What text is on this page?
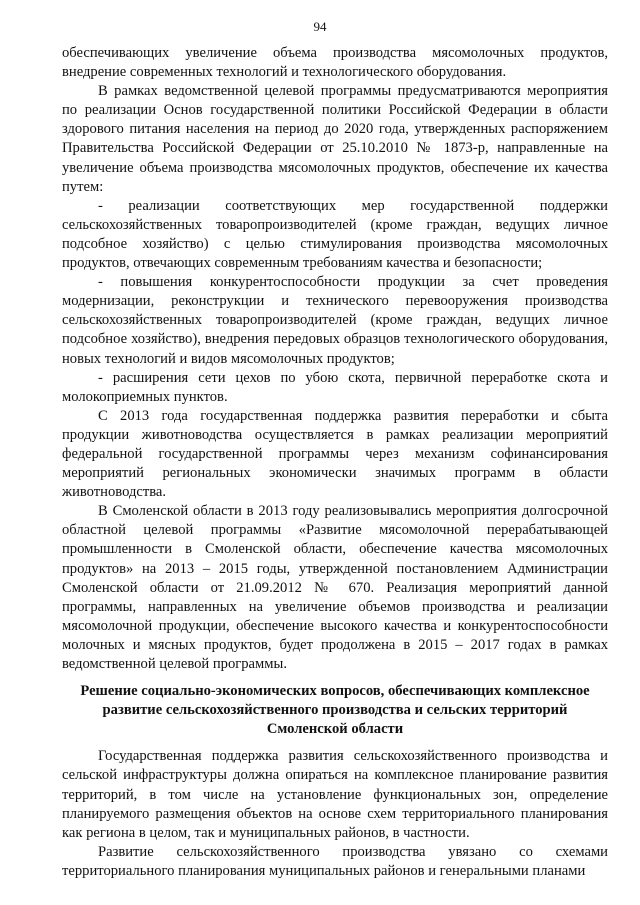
94

обеспечивающих увеличение объема производства мясомолочных продуктов, внедрение современных технологий и технологического оборудования.

В рамках ведомственной целевой программы предусматриваются мероприятия по реализации Основ государственной политики Российской Федерации в области здорового питания населения на период до 2020 года, утвержденных распоряжением Правительства Российской Федерации от 25.10.2010 № 1873-р, направленные на увеличение объема производства мясомолочных продуктов, обеспечение их качества путем:

- реализации соответствующих мер государственной поддержки сельскохозяйственных товаропроизводителей (кроме граждан, ведущих личное подсобное хозяйство) с целью стимулирования производства мясомолочных продуктов, отвечающих современным требованиям качества и безопасности;

- повышения конкурентоспособности продукции за счет проведения модернизации, реконструкции и технического перевооружения производства сельскохозяйственных товаропроизводителей (кроме граждан, ведущих личное подсобное хозяйство), внедрения передовых образцов технологического оборудования, новых технологий и видов мясомолочных продуктов;

- расширения сети цехов по убою скота, первичной переработке скота и молокоприемных пунктов.

С 2013 года государственная поддержка развития переработки и сбыта продукции животноводства осуществляется в рамках реализации мероприятий федеральной государственной программы через механизм софинансирования мероприятий региональных экономически значимых программ в области животноводства.

В Смоленской области в 2013 году реализовывались мероприятия долгосрочной областной целевой программы «Развитие мясомолочной перерабатывающей промышленности в Смоленской области, обеспечение качества мясомолочных продуктов» на 2013 – 2015 годы, утвержденной постановлением Администрации Смоленской области от 21.09.2012 № 670. Реализация мероприятий данной программы, направленных на увеличение объемов производства и реализации мясомолочной продукции, обеспечение высокого качества и конкурентоспособности молочных и мясных продуктов, будет продолжена в 2015 – 2017 годах в рамках ведомственной целевой программы.

Решение социально-экономических вопросов, обеспечивающих комплексное развитие сельскохозяйственного производства и сельских территорий Смоленской области

Государственная поддержка развития сельскохозяйственного производства и сельской инфраструктуры должна опираться на комплексное планирование развития территорий, в том числе на установление функциональных зон, определение планируемого размещения объектов на основе схем территориального планирования как региона в целом, так и муниципальных районов, в частности.

Развитие сельскохозяйственного производства увязано со схемами территориального планирования муниципальных районов и генеральными планами
